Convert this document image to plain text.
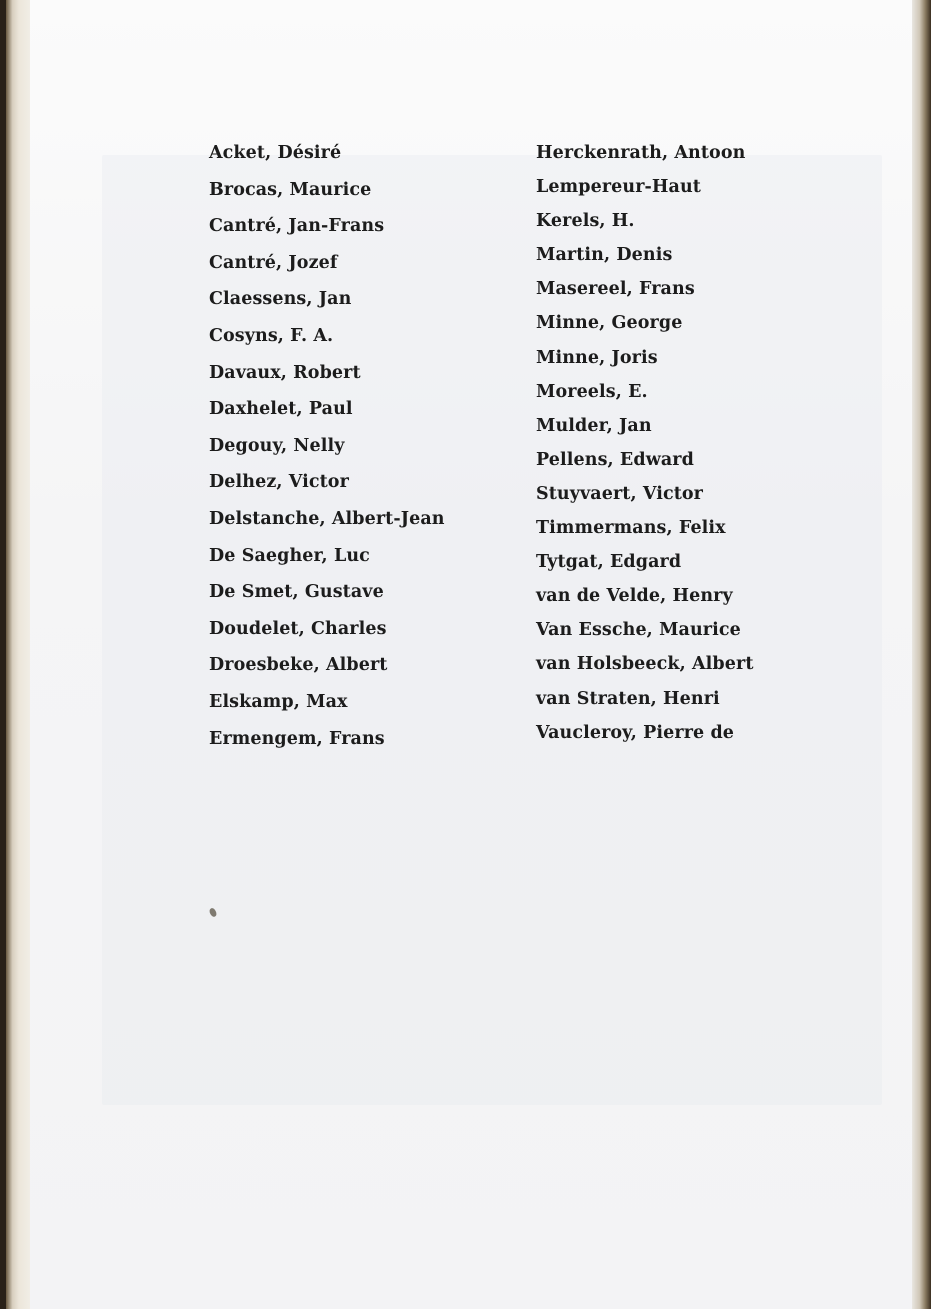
Acket, Désiré
Brocas, Maurice
Cantré, Jan-Frans
Cantré, Jozef
Claessens, Jan
Cosyns, F. A.
Davaux, Robert
Daxhelet, Paul
Degouy, Nelly
Delhez, Victor
Delstanche, Albert-Jean
De Saegher, Luc
De Smet, Gustave
Doudelet, Charles
Droesbeke, Albert
Elskamp, Max
Ermengem, Frans
Herckenrath, Antoon
Lempereur-Haut
Kerels, H.
Martin, Denis
Masereel, Frans
Minne, George
Minne, Joris
Moreels, E.
Mulder, Jan
Pellens, Edward
Stuyvaert, Victor
Timmermans, Felix
Tytgat, Edgard
van de Velde, Henry
Van Essche, Maurice
van Holsbeeck, Albert
van Straten, Henri
Vaucleroy, Pierre de
